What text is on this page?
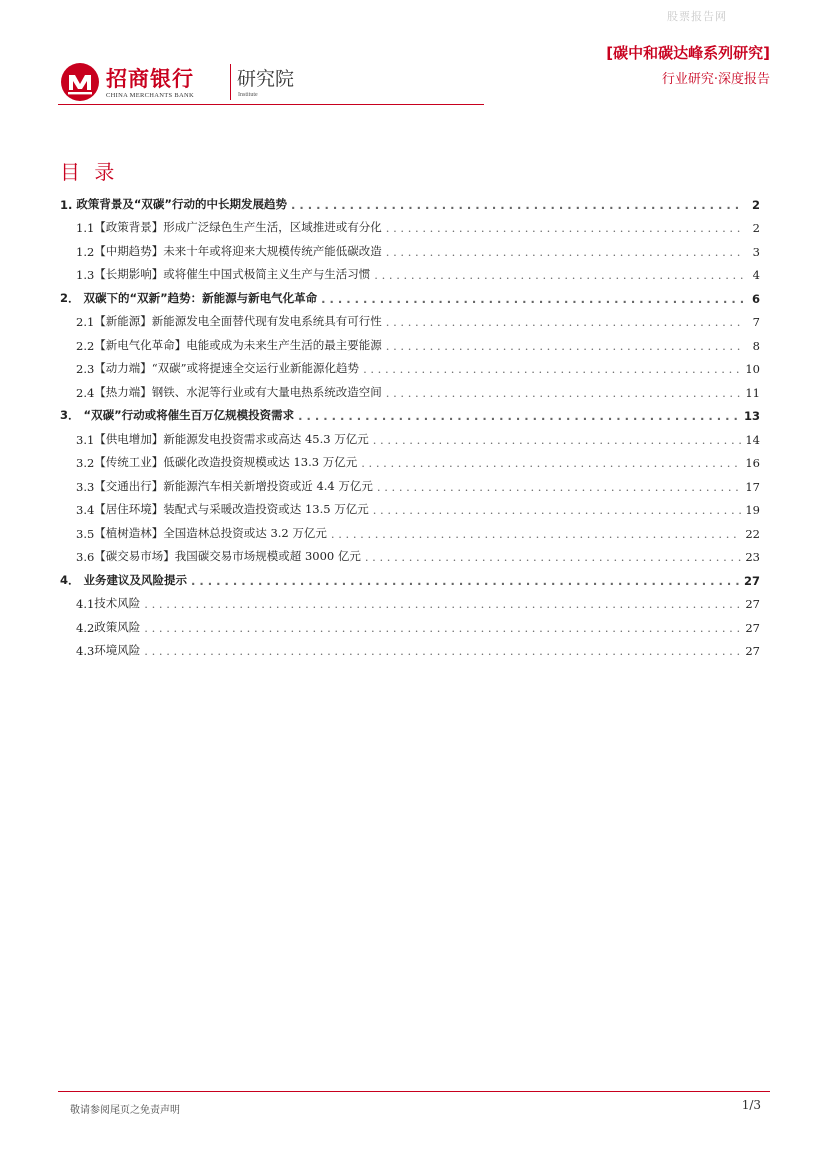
股票报告网
招商银行
CHINA MERCHANTS BANK
研究院
Institute
[碳中和碳达峰系列研究]
行业研究·深度报告
目 录
1. 政策背景及“双碳”行动的中长期发展趋势 . . .	2
1.1 【政策背景】形成广泛绿色生产生活，区域推进或有分化 . . .	2
1.2 【中期趋势】未来十年或将迎来大规模传统产能低碳改造 . . .	3
1.3 【长期影响】或将催生中国式极简主义生产与生活习惯 . . .	4
2． 双碳下的“双新”趋势：新能源与新电气化革命 . . .	6
2.1 【新能源】新能源发电全面替代现有发电系统具有可行性 . . .	7
2.2 【新电气化革命】电能或成为未来生产生活的最主要能源 . . .	8
2.3 【动力端】“双碳”或将提速全交运行业新能源化趋势 . . .	10
2.4 【热力端】钢铁、水泥等行业或有大量电热系统改造空间 . . .	11
3． “双碳”行动或将催生百万亿规模投资需求 . . .	13
3.1 【供电增加】新能源发电投资需求或高达 45.3 万亿元 . . .	14
3.2 【传统工业】低碳化改造投资规模或达 13.3 万亿元 . . .	16
3.3 【交通出行】新能源汽车相关新增投资或近 4.4 万亿元 . . .	17
3.4 【居住环境】装配式与采暖改造投资或达 13.5 万亿元 . . .	19
3.5 【植树造林】全国造林总投资或达 3.2 万亿元 . . .	22
3.6 【碳交易市场】我国碳交易市场规模或超 3000 亿元 . . .	23
4． 业务建议及风险提示 . . .	27
4.1 技术风险 . . .	27
4.2 政策风险 . . .	27
4.3 环境风险 . . .	27
敬请参阅尾页之免责声明	1/3
